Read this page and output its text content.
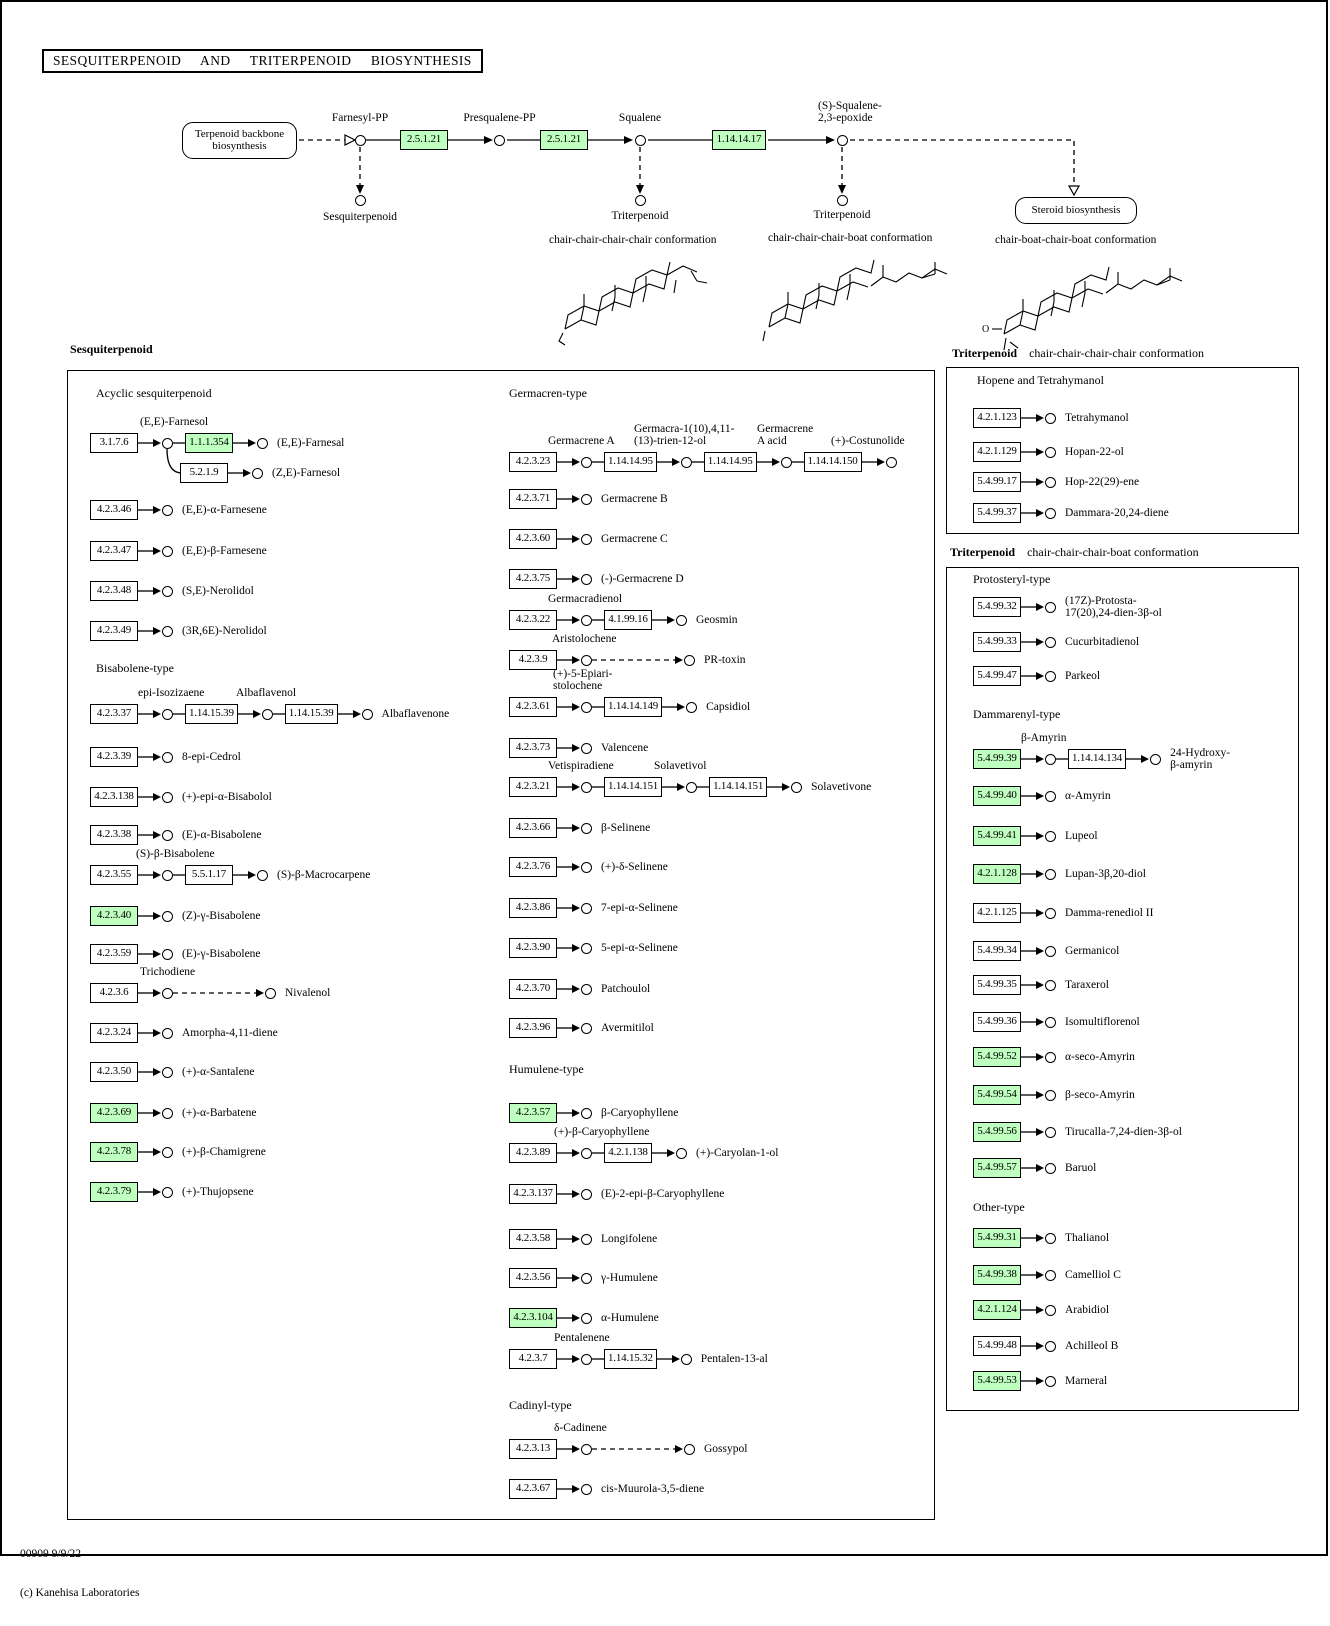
SESQUITERPENOID  AND  TRITERPENOID  BIOSYNTHESIS
O
Sesquiterpenoid	Triterpenoid chair-chair-chair-chair conformation
Triterpenoid chair-chair-chair-boat conformation
Acyclic sesquiterpenoid
Bisabolene-type
Germacren-type
Humulene-type
Cadinyl-type
Hopene and Tetrahymanol
Protosteryl-type
Dammarenyl-type
Other-type
3.1.7.6	1.1.1.354	(E,E)-Farnesal
(E,E)-Farnesol
5.2.1.9	(Z,E)-Farnesol
4.2.3.46	(E,E)-α-Farnesene
4.2.3.47	(E,E)-β-Farnesene
4.2.3.48	(S,E)-Nerolidol
4.2.3.49	(3R,6E)-Nerolidol
4.2.3.37	1.14.15.39	1.14.15.39	Albaflavenone
epi-Isozizaene	Albaflavenol
4.2.3.39	8-epi-Cedrol
4.2.3.138	(+)-epi-α-Bisabolol
4.2.3.38	(E)-α-Bisabolene
4.2.3.55	5.5.1.17	(S)-β-Macrocarpene
(S)-β-Bisabolene
4.2.3.40	(Z)-γ-Bisabolene
4.2.3.59	(E)-γ-Bisabolene
4.2.3.6	Nivalenol
Trichodiene
4.2.3.24	Amorpha-4,11-diene
4.2.3.50	(+)-α-Santalene
4.2.3.69	(+)-α-Barbatene
4.2.3.78	(+)-β-Chamigrene
4.2.3.79	(+)-Thujopsene
4.2.3.23	1.14.14.95	1.14.14.95	1.14.14.150
Germacrene A
Germacra-1(10),4,11-
(13)-trien-12-ol
Germacrene
A acid	(+)-Costunolide
4.2.3.71	Germacrene B
4.2.3.60	Germacrene C
4.2.3.75	(-)-Germacrene D
4.2.3.22	4.1.99.16	Geosmin
Germacradienol
4.2.3.9	PR-toxin
Aristolochene
4.2.3.61	1.14.14.149	Capsidiol
(+)-5-Epiari-
stolochene
4.2.3.73	Valencene
4.2.3.21	1.14.14.151	1.14.14.151	Solavetivone
Vetispiradiene	Solavetivol
4.2.3.66	β-Selinene
4.2.3.76	(+)-δ-Selinene
4.2.3.86	7-epi-α-Selinene
4.2.3.90	5-epi-α-Selinene
4.2.3.70	Patchoulol
4.2.3.96	Avermitilol
4.2.3.57	β-Caryophyllene
4.2.3.89	4.2.1.138	(+)-Caryolan-1-ol
(+)-β-Caryophyllene
4.2.3.137	(E)-2-epi-β-Caryophyllene
4.2.3.58	Longifolene
4.2.3.56	γ-Humulene
4.2.3.104	α-Humulene
4.2.3.7	1.14.15.32	Pentalen-13-al
Pentalenene
4.2.3.13	Gossypol
δ-Cadinene
4.2.3.67	cis-Muurola-3,5-diene
4.2.1.123	Tetrahymanol
4.2.1.129	Hopan-22-ol
5.4.99.17	Hop-22(29)-ene
5.4.99.37	Dammara-20,24-diene
5.4.99.32	(17Z)-Protosta-
17(20),24-dien-3β-ol
5.4.99.33	Cucurbitadienol
5.4.99.47	Parkeol
5.4.99.39	1.14.14.134	24-Hydroxy-
β-amyrin
β-Amyrin
5.4.99.40	α-Amyrin
5.4.99.41	Lupeol
4.2.1.128	Lupan-3β,20-diol
4.2.1.125	Damma-renediol II
5.4.99.34	Germanicol
5.4.99.35	Taraxerol
5.4.99.36	Isomultiflorenol
5.4.99.52	α-seco-Amyrin
5.4.99.54	β-seco-Amyrin
5.4.99.56	Tirucalla-7,24-dien-3β-ol
5.4.99.57	Baruol
5.4.99.31	Thalianol
5.4.99.38	Camelliol C
4.2.1.124	Arabidiol
5.4.99.48	Achilleol B
5.4.99.53	Marneral
Terpenoid backbone
biosynthesis
Steroid biosynthesis
2.5.1.21	2.5.1.21	1.14.14.17
Farnesyl-PP	Presqualene-PP	Squalene
(S)-Squalene-
2,3-epoxide
Sesquiterpenoid	Triterpenoid	Triterpenoid
chair-chair-chair-chair conformation	chair-chair-chair-boat conformation	chair-boat-chair-boat conformation

00909 9/9/22

(c) Kanehisa Laboratories
